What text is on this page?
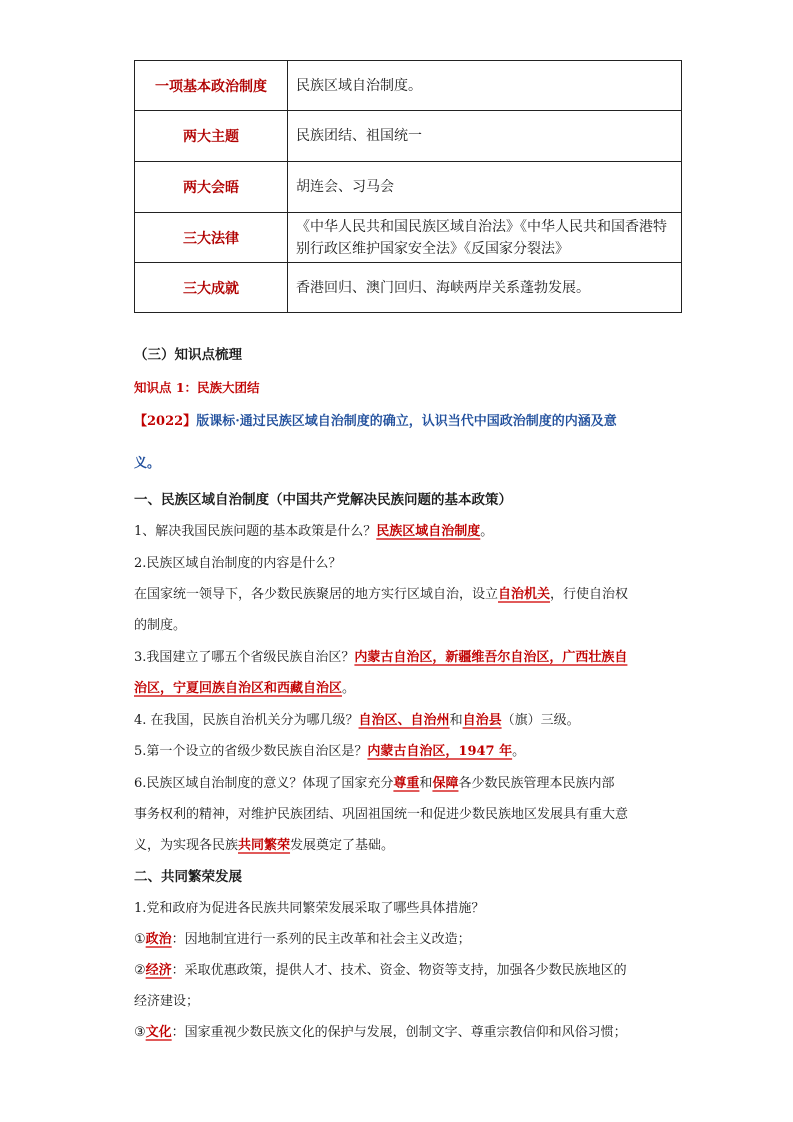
一项基本政治制度	民族区域自治制度。
两大主题	民族团结、祖国统一
两大会晤	胡连会、习马会
三大法律	《中华人民共和国民族区域自治法》《中华人民共和国香港特别行政区维护国家安全法》《反国家分裂法》
三大成就	香港回归、澳门回归、海峡两岸关系蓬勃发展。
（三）知识点梳理
知识点 1：民族大团结
【2022】版课标·通过民族区域自治制度的确立，认识当代中国政治制度的内涵及意
义。
一、民族区域自治制度（中国共产党解决民族问题的基本政策）
1、解决我国民族问题的基本政策是什么？民族区域自治制度。
2.民族区域自治制度的内容是什么？
在国家统一领导下，各少数民族聚居的地方实行区域自治，设立自治机关，行使自治权
的制度。
3.我国建立了哪五个省级民族自治区？内蒙古自治区，新疆维吾尔自治区，广西壮族自
治区，宁夏回族自治区和西藏自治区。
4. 在我国，民族自治机关分为哪几级？自治区、自治州和自治县（旗）三级。
5.第一个设立的省级少数民族自治区是？内蒙古自治区，1947 年。
6.民族区域自治制度的意义？体现了国家充分尊重和保障各少数民族管理本民族内部
事务权利的精神，对维护民族团结、巩固祖国统一和促进少数民族地区发展具有重大意
义，为实现各民族共同繁荣发展奠定了基础。
二、共同繁荣发展
1.党和政府为促进各民族共同繁荣发展采取了哪些具体措施？
①政治：因地制宜进行一系列的民主改革和社会主义改造；
②经济：采取优惠政策，提供人才、技术、资金、物资等支持，加强各少数民族地区的
经济建设；
③文化：国家重视少数民族文化的保护与发展，创制文字、尊重宗教信仰和风俗习惯；
